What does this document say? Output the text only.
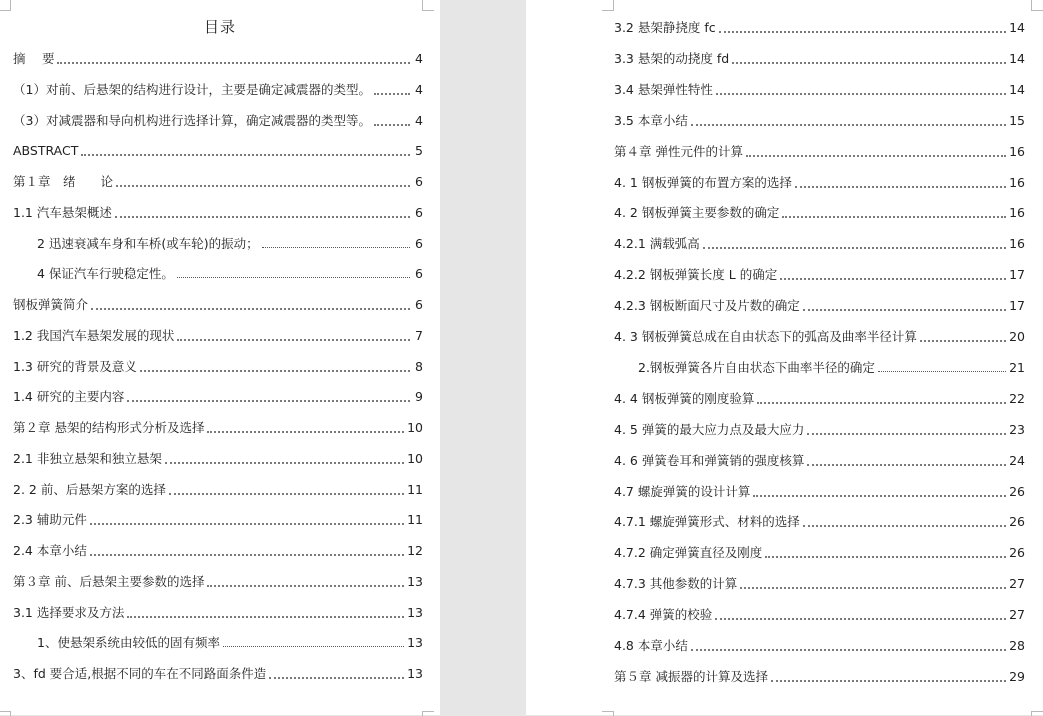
目录
摘　 要	4
（1）对前、后悬架的结构进行设计，主要是确定减震器的类型。	4
（3）对减震器和导向机构进行选择计算，确定减震器的类型等。	4
ABSTRACT	5
第１章　绪　　论	6
1.1 汽车悬架概述	6
2 迅速衰减车身和车桥(或车轮)的振动；	6
4 保证汽车行驶稳定性。	6
钢板弹簧简介	6
1.2 我国汽车悬架发展的现状	7
1.3 研究的背景及意义	8
1.4 研究的主要内容	9
第２章 悬架的结构形式分析及选择	10
2.1 非独立悬架和独立悬架	10
2. 2 前、后悬架方案的选择	11
2.3 辅助元件	11
2.4 本章小结	12
第３章 前、后悬架主要参数的选择	13
3.1 选择要求及方法	13
1、使悬架系统由较低的固有频率	13
3、fd 要合适,根据不同的车在不同路面条件造	13
3.2 悬架静挠度 fc	14
3.3 悬架的动挠度 fd	14
3.4 悬架弹性特性	14
3.5 本章小结	15
第４章 弹性元件的计算	16
4. 1 钢板弹簧的布置方案的选择	16
4. 2 钢板弹簧主要参数的确定	16
4.2.1 满载弧高	16
4.2.2 钢板弹簧长度 L 的确定	17
4.2.3 钢板断面尺寸及片数的确定	17
4. 3 钢板弹簧总成在自由状态下的弧高及曲率半径计算	20
2.钢板弹簧各片自由状态下曲率半径的确定	21
4. 4 钢板弹簧的刚度验算	22
4. 5 弹簧的最大应力点及最大应力	23
4. 6 弹簧卷耳和弹簧销的强度核算	24
4.7 螺旋弹簧的设计计算	26
4.7.1 螺旋弹簧形式、材料的选择	26
4.7.2 确定弹簧直径及刚度	26
4.7.3 其他参数的计算	27
4.7.4 弹簧的校验	27
4.8 本章小结	28
第５章 减振器的计算及选择	29
